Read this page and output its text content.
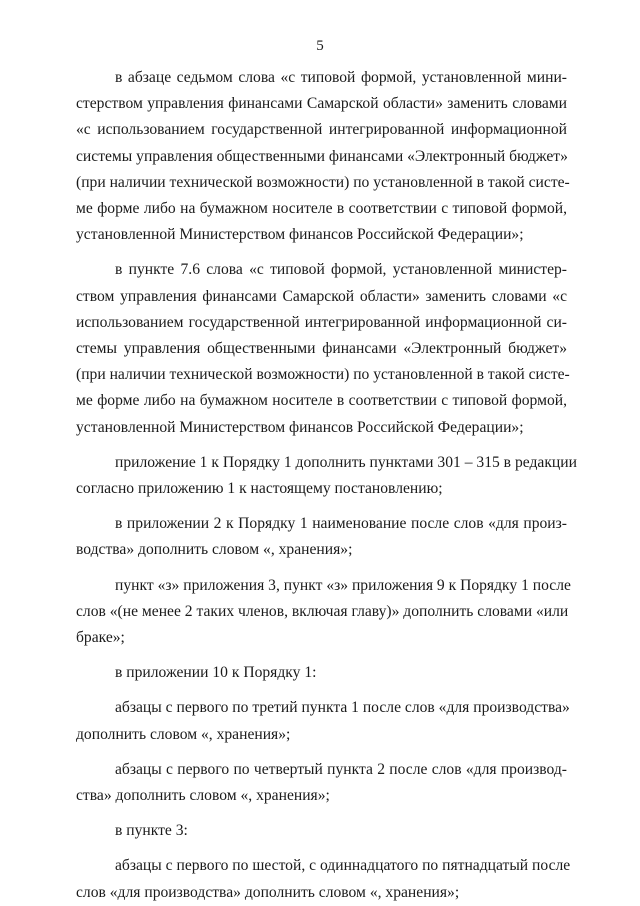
5
в абзаце седьмом слова «с типовой формой, установленной мини-
стерством управления финансами Самарской области» заменить словами
«с использованием государственной интегрированной информационной
системы управления общественными финансами «Электронный бюджет»
(при наличии технической возможности) по установленной в такой систе-
ме форме либо на бумажном носителе в соответствии с типовой формой,
установленной Министерством финансов Российской Федерации»;
в пункте 7.6 слова «с типовой формой, установленной министер-
ством управления финансами Самарской области» заменить словами «с
использованием государственной интегрированной информационной си-
стемы управления общественными финансами «Электронный бюджет»
(при наличии технической возможности) по установленной в такой систе-
ме форме либо на бумажном носителе в соответствии с типовой формой,
установленной Министерством финансов Российской Федерации»;
приложение 1 к Порядку 1 дополнить пунктами 301 – 315 в редакции
согласно приложению 1 к настоящему постановлению;
в приложении 2 к Порядку 1 наименование после слов «для произ-
водства» дополнить словом «, хранения»;
пункт «з» приложения 3, пункт «з» приложения 9 к Порядку 1 после
слов «(не менее 2 таких членов, включая главу)» дополнить словами «или
браке»;
в приложении 10 к Порядку 1:
абзацы с первого по третий пункта 1 после слов «для производства»
дополнить словом «, хранения»;
абзацы с первого по четвертый пункта 2 после слов «для производ-
ства» дополнить словом «, хранения»;
в пункте 3:
абзацы с первого по шестой, с одиннадцатого по пятнадцатый после
слов «для производства» дополнить словом «, хранения»;
